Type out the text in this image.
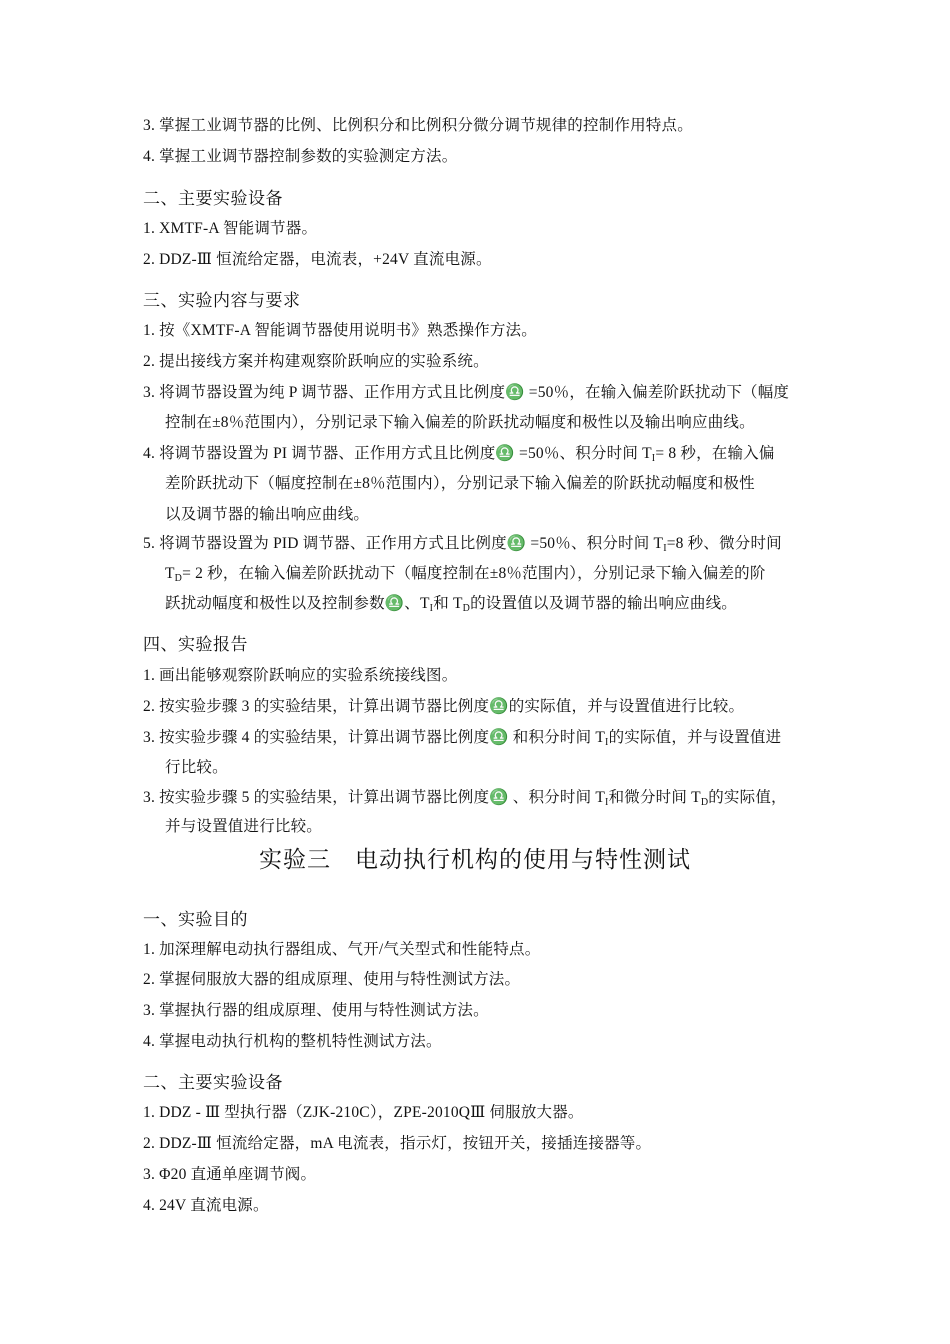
3. 掌握工业调节器的比例、比例积分和比例积分微分调节规律的控制作用特点。
4. 掌握工业调节器控制参数的实验测定方法。
二、主要实验设备
1. XMTF-A 智能调节器。
2. DDZ-Ⅲ 恒流给定器，电流表，+24V 直流电源。
三、实验内容与要求
1. 按《XMTF-A 智能调节器使用说明书》熟悉操作方法。
2. 提出接线方案并构建观察阶跃响应的实验系统。
3. 将调节器设置为纯 P 调节器、正作用方式且比例度♎ =50％，在输入偏差阶跃扰动下（幅度
控制在±8％范围内），分别记录下输入偏差的阶跃扰动幅度和极性以及输出响应曲线。
4. 将调节器设置为 PI 调节器、正作用方式且比例度♎ =50％、积分时间 $T_I= 8$ 秒，在输入偏
差阶跃扰动下（幅度控制在±8％范围内），分别记录下输入偏差的阶跃扰动幅度和极性
以及调节器的输出响应曲线。
5. 将调节器设置为 PID 调节器、正作用方式且比例度♎ =50％、积分时间 $T_I=8$ 秒、微分时间
$T_D= 2$ 秒，在输入偏差阶跃扰动下（幅度控制在±8％范围内），分别记录下输入偏差的阶
跃扰动幅度和极性以及控制参数♎、$T_I$和 $T_D$的设置值以及调节器的输出响应曲线。
四、实验报告
1. 画出能够观察阶跃响应的实验系统接线图。
2. 按实验步骤 3 的实验结果，计算出调节器比例度♎的实际值，并与设置值进行比较。
3. 按实验步骤 4 的实验结果，计算出调节器比例度♎ 和积分时间 $T_I$的实际值，并与设置值进
行比较。
3. 按实验步骤 5 的实验结果，计算出调节器比例度♎ 、积分时间 $T_I$和微分时间 $T_D$的实际值，
并与设置值进行比较。
实验三　电动执行机构的使用与特性测试
一、实验目的
1. 加深理解电动执行器组成、气开/气关型式和性能特点。
2. 掌握伺服放大器的组成原理、使用与特性测试方法。
3. 掌握执行器的组成原理、使用与特性测试方法。
4. 掌握电动执行机构的整机特性测试方法。
二、主要实验设备
1. DDZ - Ⅲ 型执行器（ZJK-210C），ZPE-2010QⅢ 伺服放大器。
2. DDZ-Ⅲ 恒流给定器，mA 电流表，指示灯，按钮开关，接插连接器等。
3. Φ20 直通单座调节阀。
4. 24V 直流电源。
